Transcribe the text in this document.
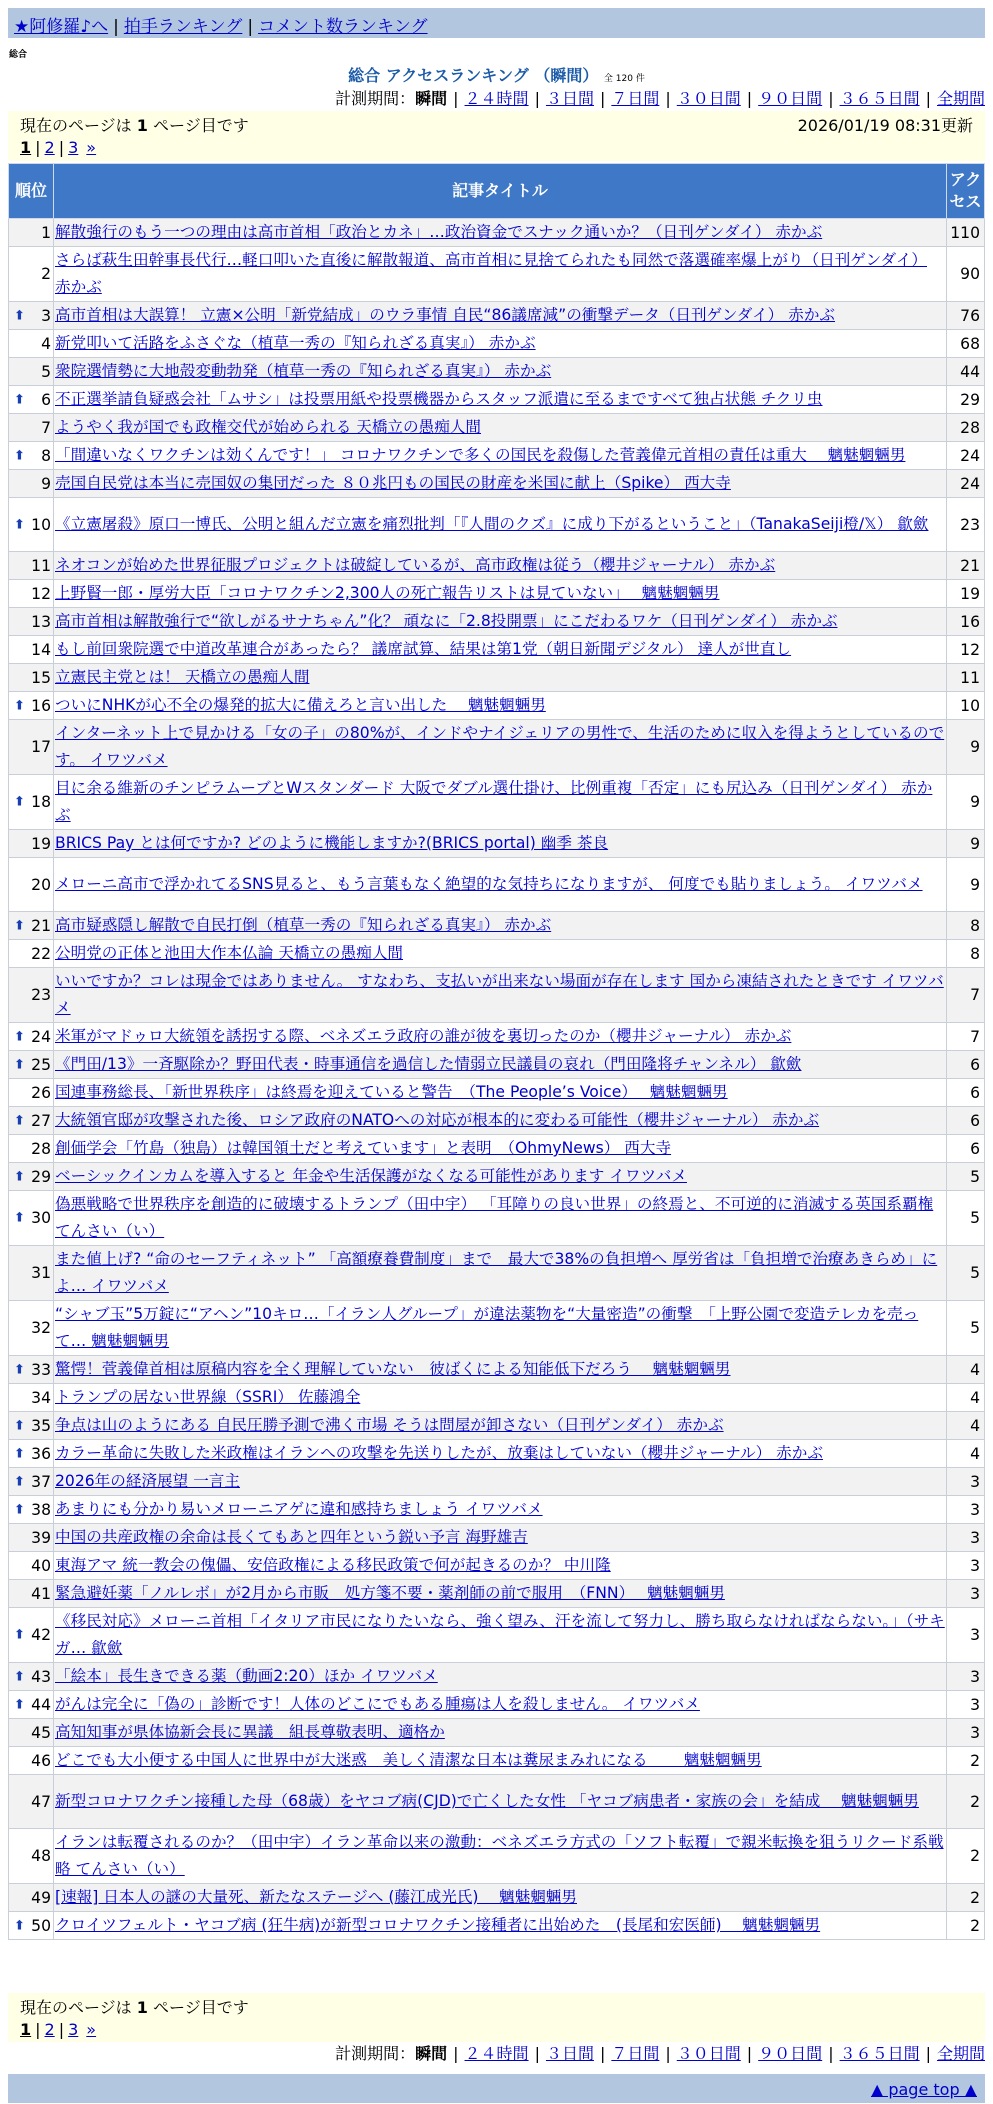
★阿修羅♪へ | 拍手ランキング | コメント数ランキング
総合
総合 アクセスランキング （瞬間） 全 120 件
計測期間：瞬間 | ２４時間 | ３日間 | ７日間 | ３０日間 | ９０日間 | ３６５日間 | 全期間
現在のページは 1 ページ目です	2026/01/19 08:31更新
1 | 2 | 3 »
順位	記事タイトル	アクセス
1	解散強行のもう一つの理由は高市首相「政治とカネ」…政治資金でスナック通いか？（日刊ゲンダイ） 赤かぶ	110
2	さらば萩生田幹事長代行…軽口叩いた直後に解散報道、高市首相に見捨てられたも同然で落選確率爆上がり（日刊ゲンダイ） 赤かぶ	90

⬆ 3	高市首相は大誤算！ 立憲×公明「新党結成」のウラ事情 自民“86議席減”の衝撃データ（日刊ゲンダイ） 赤かぶ	76
4	新党叩いて活路をふさぐな（植草一秀の『知られざる真実』） 赤かぶ	68
5	衆院選情勢に大地殻変動勃発（植草一秀の『知られざる真実』） 赤かぶ	44

⬆ 6	不正選挙請負疑惑会社「ムサシ」は投票用紙や投票機器からスタッフ派遣に至るまですべて独占状態 チクリ虫	29
7	ようやく我が国でも政権交代が始められる 天橋立の愚痴人間	28

⬆ 8	「間違いなくワクチンは効くんです！」 コロナワクチンで多くの国民を殺傷した菅義偉元首相の責任は重大　 魑魅魍魎男	24
9	売国自民党は本当に売国奴の集団だった ８０兆円もの国民の財産を米国に献上（Spike） 西大寺	24

⬆ 10	《立憲屠殺》原口一博氏、公明と組んだ立憲を痛烈批判「『人間のクズ』に成り下がるということ」（TanakaSeiji橙/𝕏） 歙歛	23
11	ネオコンが始めた世界征服プロジェクトは破綻しているが、高市政権は従う（櫻井ジャーナル） 赤かぶ	21
12	上野賢一郎・厚労大臣「コロナワクチン2,300人の死亡報告リストは見ていない」　 魑魅魍魎男	19
13	高市首相は解散強行で“欲しがるサナちゃん”化？ 頑なに「2.8投開票」にこだわるワケ（日刊ゲンダイ） 赤かぶ	16
14	もし前回衆院選で中道改革連合があったら？ 議席試算、結果は第1党（朝日新聞デジタル） 達人が世直し	12
15	立憲民主党とは！ 天橋立の愚痴人間	11

⬆ 16	ついにNHKが心不全の爆発的拡大に備えろと言い出した　 魑魅魍魎男	10
17	インターネット上で見かける「女の子」の80%が、インドやナイジェリアの男性で、生活のために収入を得ようとしているのです。 イワツバメ	9

⬆ 18	目に余る維新のチンピラムーブとWスタンダード 大阪でダブル選仕掛け、比例重複「否定」にも尻込み（日刊ゲンダイ） 赤かぶ	9
19	BRICS Pay とは何ですか? どのように機能しますか?(BRICS portal) 幽季 茶良	9
20	メローニ高市で浮かれてるSNS見ると、もう言葉もなく絶望的な気持ちになりますが、 何度でも貼りましょう。 イワツバメ	9

⬆ 21	高市疑惑隠し解散で自民打倒（植草一秀の『知られざる真実』） 赤かぶ	8
22	公明党の正体と池田大作本仏論 天橋立の愚痴人間	8
23	いいですか？コレは現金ではありません。 すなわち、支払いが出来ない場面が存在します 国から凍結されたときです イワツバメ	7

⬆ 24	米軍がマドゥロ大統領を誘拐する際、ベネズエラ政府の誰が彼を裏切ったのか（櫻井ジャーナル） 赤かぶ	7

⬆ 25	《門田/13》一斉駆除か？野田代表・時事通信を過信した情弱立民議員の哀れ（門田隆将チャンネル） 歙歛	6
26	国連事務総長、「新世界秩序」は終焉を迎えていると警告　（The People’s Voice）　 魑魅魍魎男	6

⬆ 27	大統領官邸が攻撃された後、ロシア政府のNATOへの対応が根本的に変わる可能性（櫻井ジャーナル） 赤かぶ	6
28	創価学会「竹島（独島）は韓国領土だと考えています」と表明　（OhmyNews） 西大寺	6

⬆ 29	ベーシックインカムを導入すると 年金や生活保護がなくなる可能性があります イワツバメ	5

⬆ 30	偽悪戦略で世界秩序を創造的に破壊するトランプ（田中宇） 「耳障りの良い世界」の終焉と、不可逆的に消滅する英国系覇権 てんさい（い）	5
31	また値上げ? “命のセーフティネット” 「高額療養費制度」まで　最大で38%の負担増へ 厚労省は「負担増で治療あきらめ」によ… イワツバメ	5
32	“シャブ玉”5万錠に“アヘン”10キロ…「イラン人グループ」が違法薬物を“大量密造”の衝撃　「上野公園で変造テレカを売って… 魑魅魍魎男	5

⬆ 33	驚愕！菅義偉首相は原稿内容を全く理解していない　彼ばくによる知能低下だろう　 魑魅魍魎男	4
34	トランプの居ない世界線（SSRI） 佐藤鴻全	4

⬆ 35	争点は山のようにある 自民圧勝予測で沸く市場 そうは問屋が卸さない（日刊ゲンダイ） 赤かぶ	4

⬆ 36	カラー革命に失敗した米政権はイランへの攻撃を先送りしたが、放棄はしていない（櫻井ジャーナル） 赤かぶ	4

⬆ 37	2026年の経済展望 一言主	3

⬆ 38	あまりにも分かり易いメローニアゲに違和感持ちましょう イワツバメ	3
39	中国の共産政権の余命は長くてもあと四年という鋭い予言 海野雄吉	3
40	東海アマ 統一教会の傀儡、安倍政権による移民政策で何が起きるのか？ 中川隆	3
41	緊急避妊薬「ノルレボ」が2月から市販　処方箋不要・薬剤師の前で服用　（FNN）　 魑魅魍魎男	3

⬆ 42	《移民対応》メローニ首相「イタリア市民になりたいなら、強く望み、汗を流して努力し、勝ち取らなければならない。」（サキガ… 歙歛	3

⬆ 43	「絵本」長生きできる薬（動画2:20）ほか イワツバメ	3

⬆ 44	がんは完全に「偽の」診断です！人体のどこにでもある腫瘍は人を殺しません。 イワツバメ	3
45	高知知事が県体協新会長に異議　組長尊敬表明、適格か	3
46	どこでも大小便する中国人に世界中が大迷惑　美しく清潔な日本は糞尿まみれになる　　 魑魅魍魎男	2
47	新型コロナワクチン接種した母（68歳）をヤコブ病(CJD)で亡くした女性 「ヤコブ病患者・家族の会」を結成　 魑魅魍魎男	2
48	イランは転覆されるのか？（田中宇）イラン革命以来の激動：ベネズエラ方式の「ソフト転覆」で親米転換を狙うリクード系戦略 てんさい（い）	2
49	[速報] 日本人の謎の大量死、新たなステージへ (藤江成光氏)　 魑魅魍魎男	2

⬆ 50	クロイツフェルト・ヤコブ病 (狂牛病)が新型コロナワクチン接種者に出始めた　(長尾和宏医師)　 魑魅魍魎男	2
現在のページは 1 ページ目です
1 | 2 | 3 »
計測期間：瞬間 | ２４時間 | ３日間 | ７日間 | ３０日間 | ９０日間 | ３６５日間 | 全期間
▲ page top ▲
